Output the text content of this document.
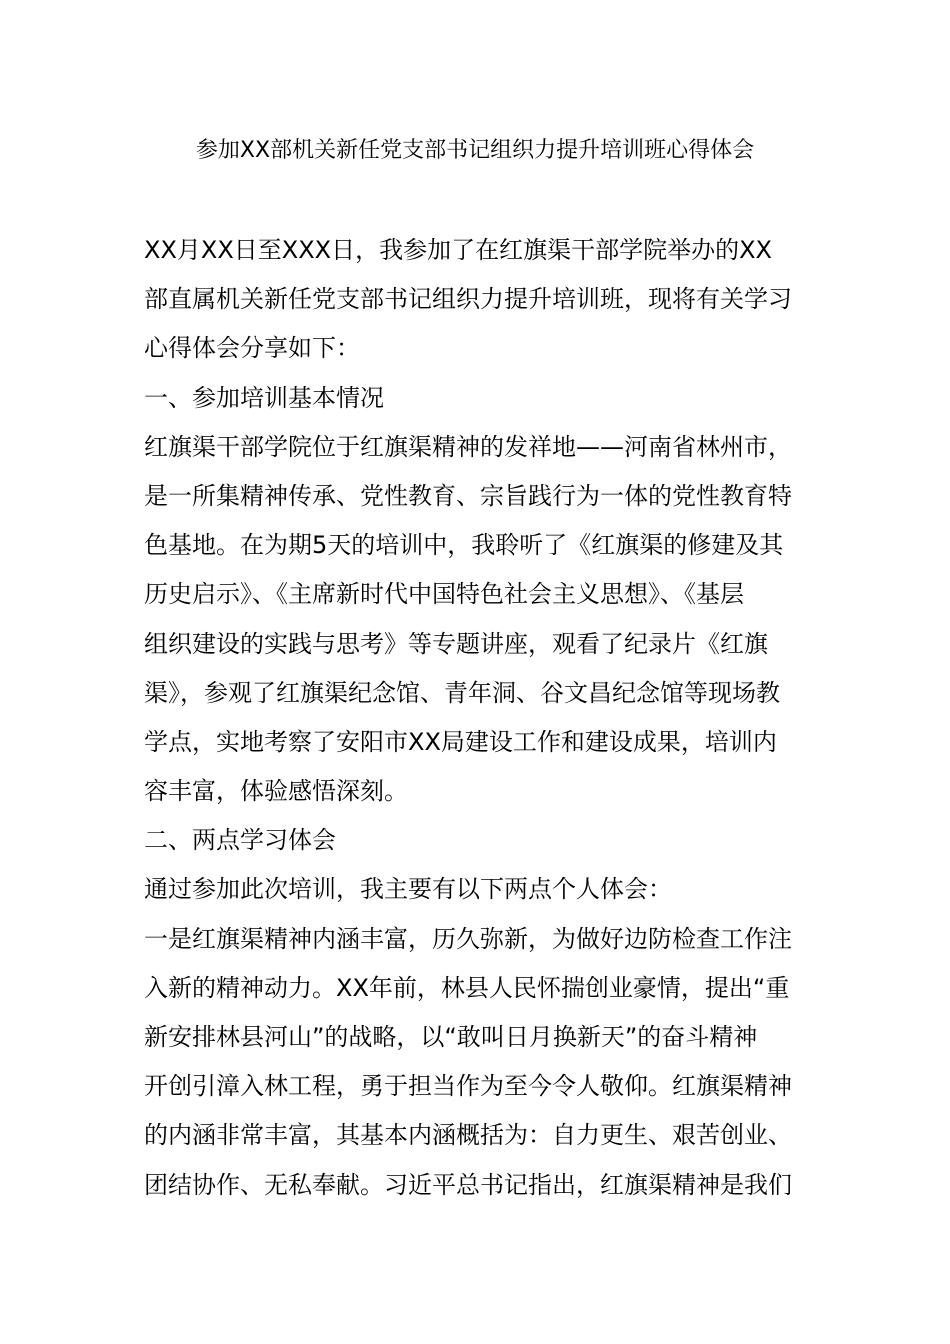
参加XX部机关新任党支部书记组织力提升培训班心得体会
XX月XX日至XXX日，我参加了在红旗渠干部学院举办的XX
部直属机关新任党支部书记组织力提升培训班，现将有关学习
心得体会分享如下：
一、参加培训基本情况
红旗渠干部学院位于红旗渠精神的发祥地——河南省林州市，
是一所集精神传承、党性教育、宗旨践行为一体的党性教育特
色基地。在为期5天的培训中，我聆听了《红旗渠的修建及其
历史启示》、《主席新时代中国特色社会主义思想》、《基层
组织建设的实践与思考》等专题讲座，观看了纪录片《红旗
渠》，参观了红旗渠纪念馆、青年洞、谷文昌纪念馆等现场教
学点，实地考察了安阳市XX局建设工作和建设成果，培训内
容丰富，体验感悟深刻。
二、两点学习体会
通过参加此次培训，我主要有以下两点个人体会：
一是红旗渠精神内涵丰富，历久弥新，为做好边防检查工作注
入新的精神动力。XX年前，林县人民怀揣创业豪情，提出“重
新安排林县河山”的战略，以“敢叫日月换新天”的奋斗精神
开创引漳入林工程，勇于担当作为至今令人敬仰。红旗渠精神
的内涵非常丰富，其基本内涵概括为：自力更生、艰苦创业、
团结协作、无私奉献。习近平总书记指出，红旗渠精神是我们
